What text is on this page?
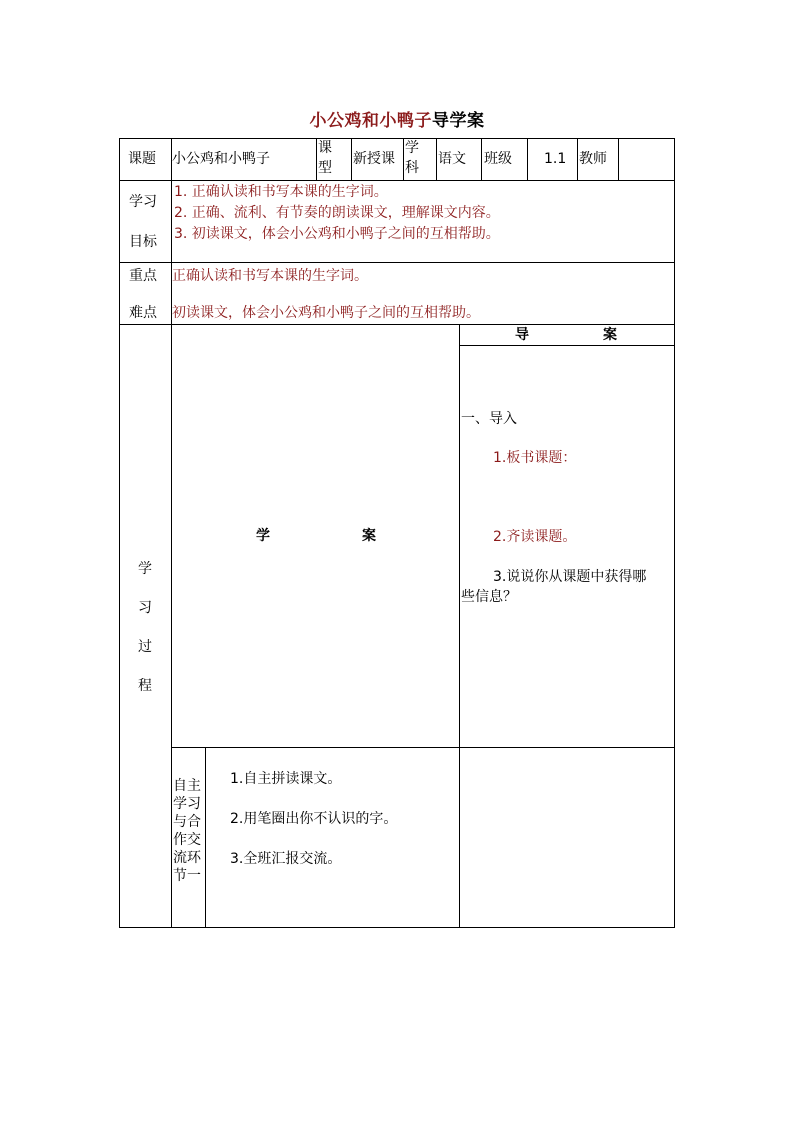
小公鸡和小鸭子导学案
课题 小公鸡和小鸭子
课
型
新授课
学
科
语文 班级 1.1 教师
学习
目标
1. 正确认读和书写本课的生字词。
2. 正确、流利、有节奏的朗读课文，理解课文内容。
3. 初读课文，体会小公鸡和小鸭子之间的互相帮助。
重点 正确认读和书写本课的生字词。
难点 初读课文，体会小公鸡和小鸭子之间的互相帮助。
学
习
过
程
学	案
导	案
一、导入
1.板书课题：
2.齐读课题。
3.说说你从课题中获得哪
些信息？
自主
学习
与合
作交
流环
节一
1.自主拼读课文。
2.用笔圈出你不认识的字。
3.全班汇报交流。
